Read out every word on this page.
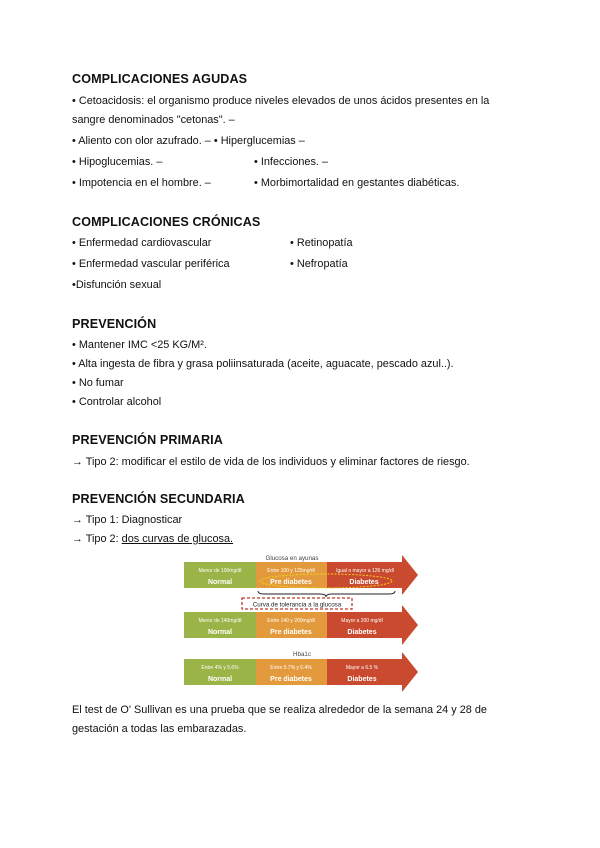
COMPLICACIONES AGUDAS
• Cetoacidosis: el organismo produce niveles elevados de unos ácidos presentes en la
sangre denominados "cetonas". –
• Aliento con olor azufrado. – • Hiperglucemias –
• Hipoglucemias. –	• Infecciones. –
• Impotencia en el hombre. –	• Morbimortalidad en gestantes diabéticas.
COMPLICACIONES CRÓNICAS
• Enfermedad cardiovascular	• Retinopatía
• Enfermedad vascular periférica	• Nefropatía
•Disfunción sexual
PREVENCIÓN
• Mantener IMC <25 KG/M².
• Alta ingesta de fibra y grasa poliinsaturada (aceite, aguacate, pescado azul..).
• No fumar
• Controlar alcohol
PREVENCIÓN PRIMARIA
→ Tipo 2: modificar el estilo de vida de los individuos y eliminar factores de riesgo.
PREVENCIÓN SECUNDARIA
→ Tipo 1: Diagnosticar
→ Tipo 2: dos curvas de glucosa.
El test de O' Sullivan es una prueba que se realiza alrededor de la semana 24 y 28 de
gestación a todas las embarazadas.
Glucosa en ayunas
Menor de 100mg/dl
Normal
Entre 100 y 125mg/dl
Pre diabetes
Igual o mayor a 126 mg/dl
Diabetes
Curva de tolerancia a la glucosa
Menor de 140mg/dl
Normal
Entre 140 y 200mg/dl
Pre diabetes
Mayor a 200 mg/dl
Diabetes
Hba1c
Entre 4% y 5.6%
Normal
Entre 5.7% y 6.4%
Pre diabetes
Mayor a 6.5 %
Diabetes
